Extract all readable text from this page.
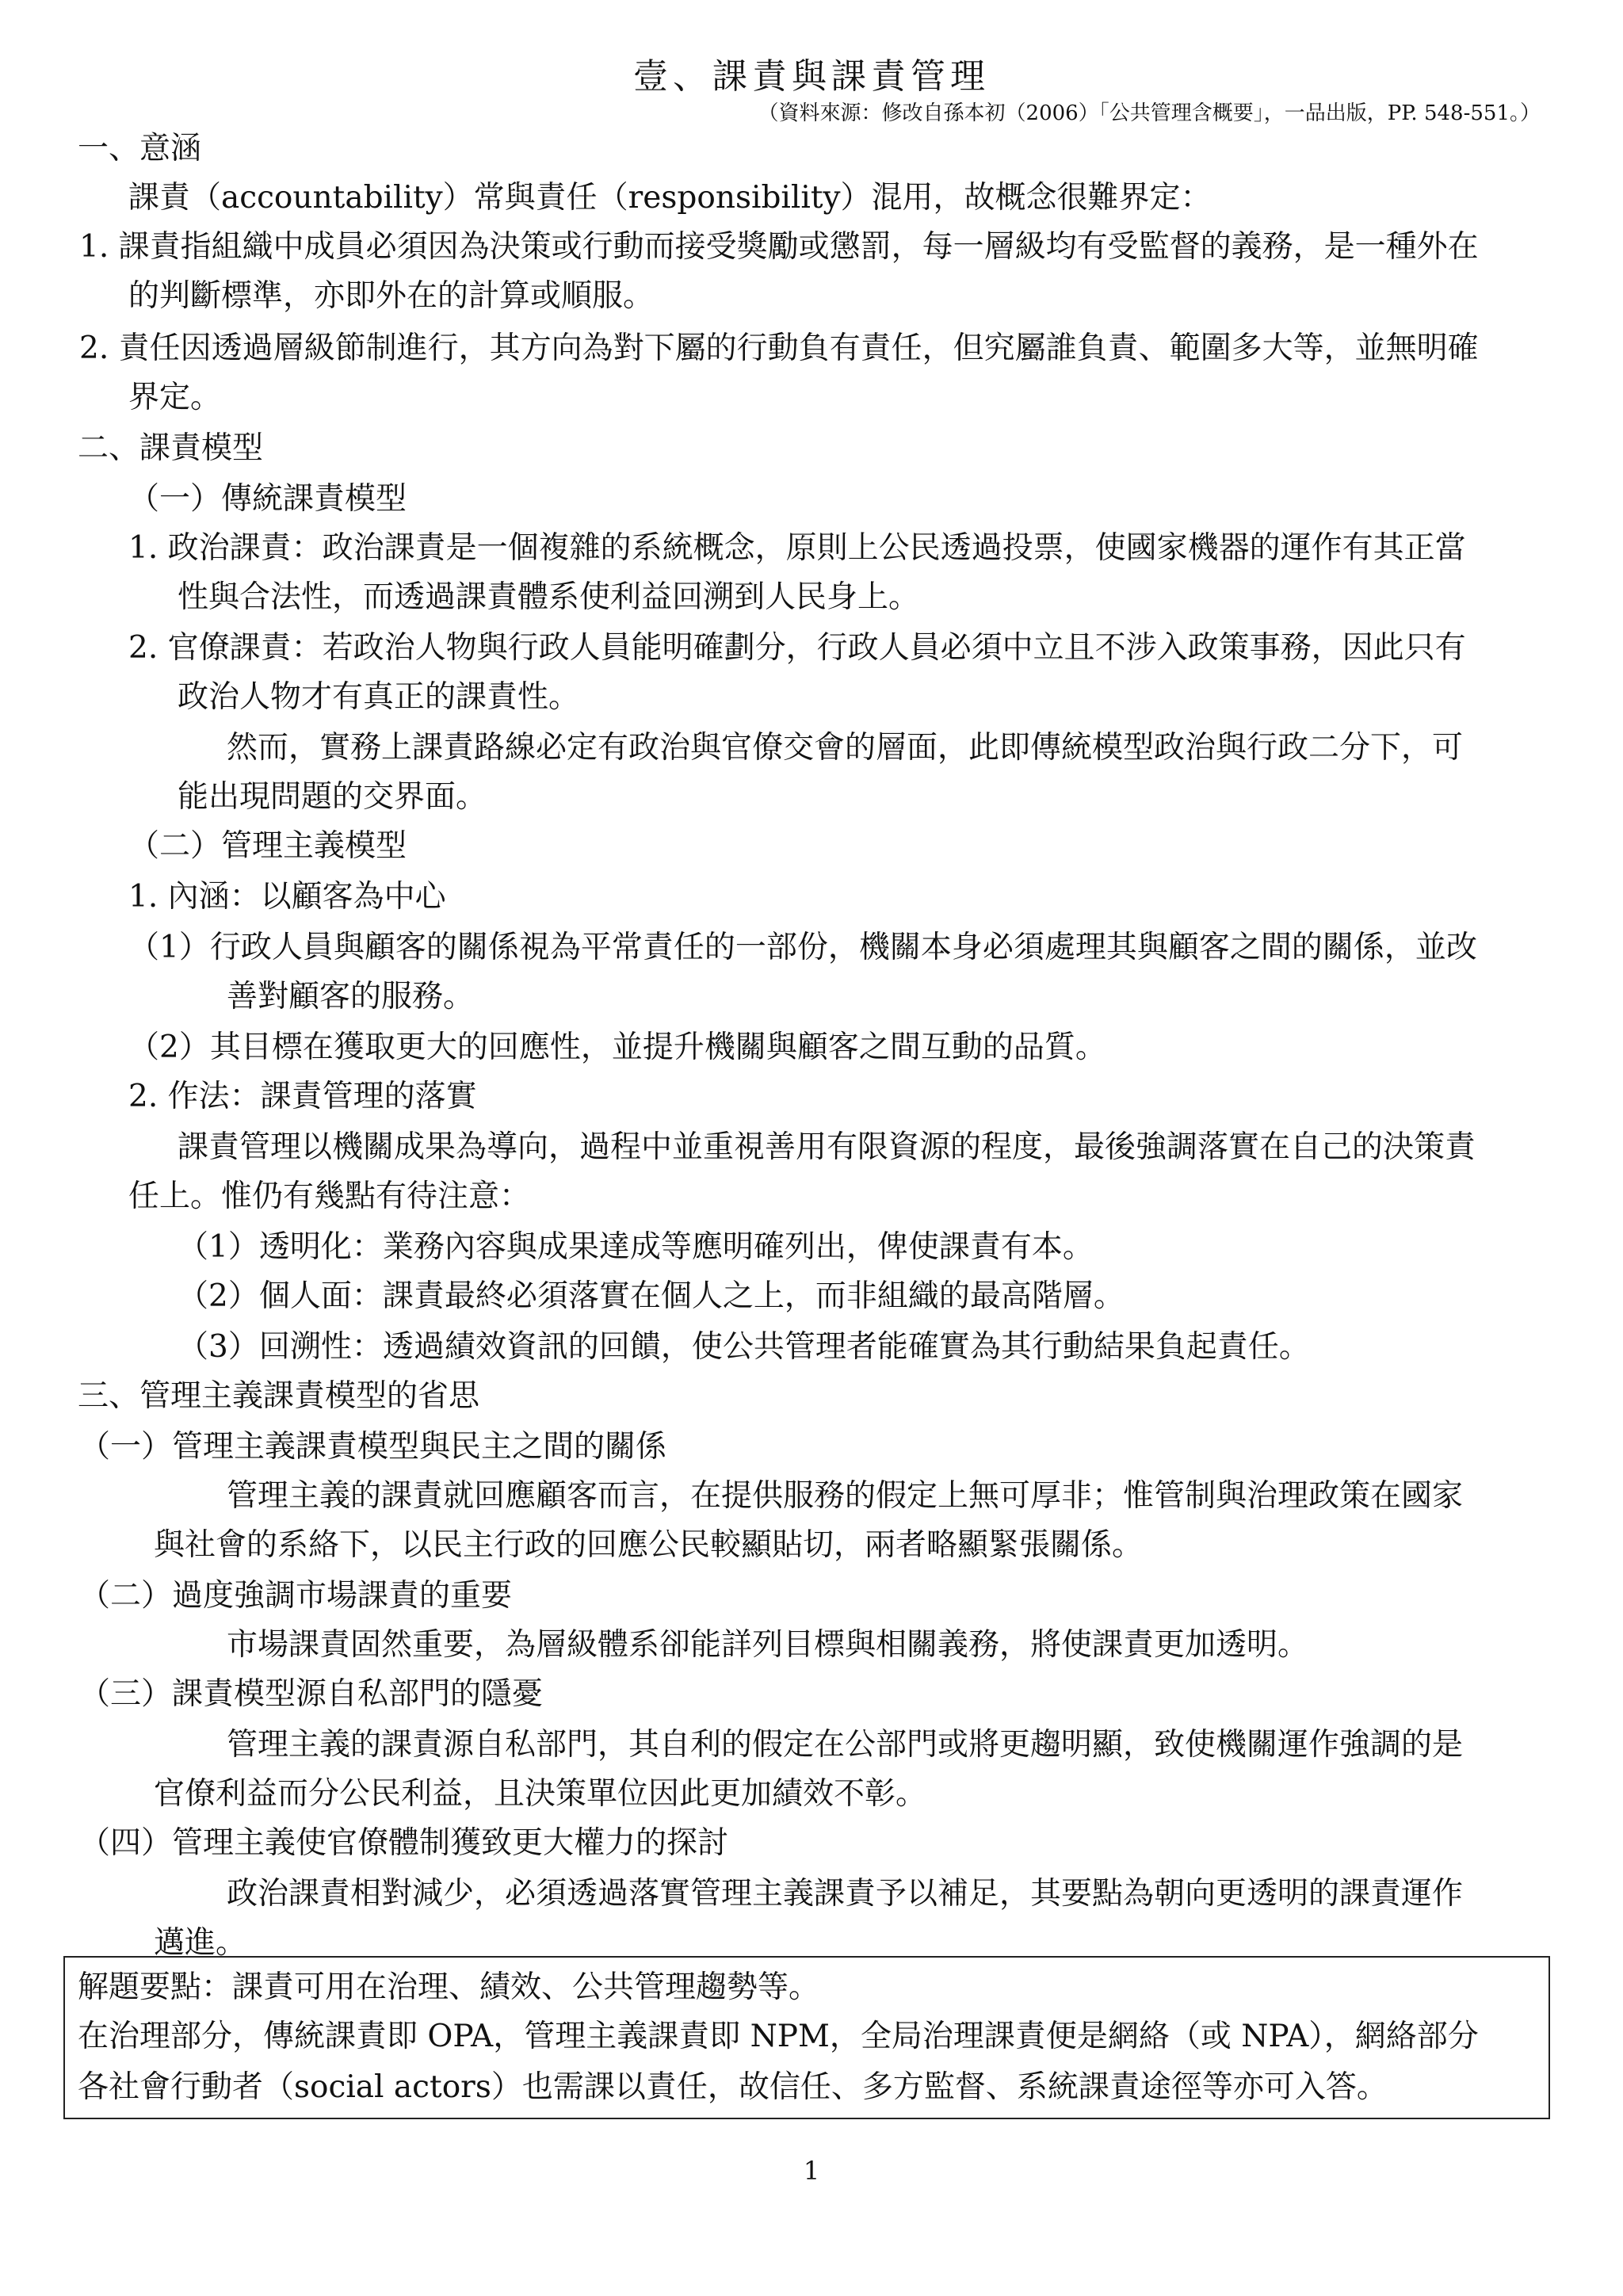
壹、課責與課責管理
（資料來源：修改自孫本初（2006）「公共管理含概要」，一品出版，PP. 548-551。）
一、意涵
課責（accountability）常與責任（responsibility）混用，故概念很難界定：
1. 課責指組織中成員必須因為決策或行動而接受獎勵或懲罰，每一層級均有受監督的義務，是一種外在
的判斷標準，亦即外在的計算或順服。
2. 責任因透過層級節制進行，其方向為對下屬的行動負有責任，但究屬誰負責、範圍多大等，並無明確
界定。
二、課責模型
（一）傳統課責模型
1. 政治課責：政治課責是一個複雜的系統概念，原則上公民透過投票，使國家機器的運作有其正當
性與合法性，而透過課責體系使利益回溯到人民身上。
2. 官僚課責：若政治人物與行政人員能明確劃分，行政人員必須中立且不涉入政策事務，因此只有
政治人物才有真正的課責性。
然而，實務上課責路線必定有政治與官僚交會的層面，此即傳統模型政治與行政二分下，可
能出現問題的交界面。
（二）管理主義模型
1. 內涵：以顧客為中心
（1）行政人員與顧客的關係視為平常責任的一部份，機關本身必須處理其與顧客之間的關係，並改
善對顧客的服務。
（2）其目標在獲取更大的回應性，並提升機關與顧客之間互動的品質。
2. 作法：課責管理的落實
課責管理以機關成果為導向，過程中並重視善用有限資源的程度，最後強調落實在自己的決策責
任上。惟仍有幾點有待注意：
（1）透明化：業務內容與成果達成等應明確列出，俾使課責有本。
（2）個人面：課責最終必須落實在個人之上，而非組織的最高階層。
（3）回溯性：透過績效資訊的回饋，使公共管理者能確實為其行動結果負起責任。
三、管理主義課責模型的省思
（一）管理主義課責模型與民主之間的關係
管理主義的課責就回應顧客而言，在提供服務的假定上無可厚非；惟管制與治理政策在國家
與社會的系絡下，以民主行政的回應公民較顯貼切，兩者略顯緊張關係。
（二）過度強調市場課責的重要
市場課責固然重要，為層級體系卻能詳列目標與相關義務，將使課責更加透明。
（三）課責模型源自私部門的隱憂
管理主義的課責源自私部門，其自利的假定在公部門或將更趨明顯，致使機關運作強調的是
官僚利益而分公民利益，且決策單位因此更加績效不彰。
（四）管理主義使官僚體制獲致更大權力的探討
政治課責相對減少，必須透過落實管理主義課責予以補足，其要點為朝向更透明的課責運作
邁進。
解題要點：課責可用在治理、績效、公共管理趨勢等。
在治理部分，傳統課責即 OPA，管理主義課責即 NPM，全局治理課責便是網絡（或 NPA），網絡部分
各社會行動者（social actors）也需課以責任，故信任、多方監督、系統課責途徑等亦可入答。
1
